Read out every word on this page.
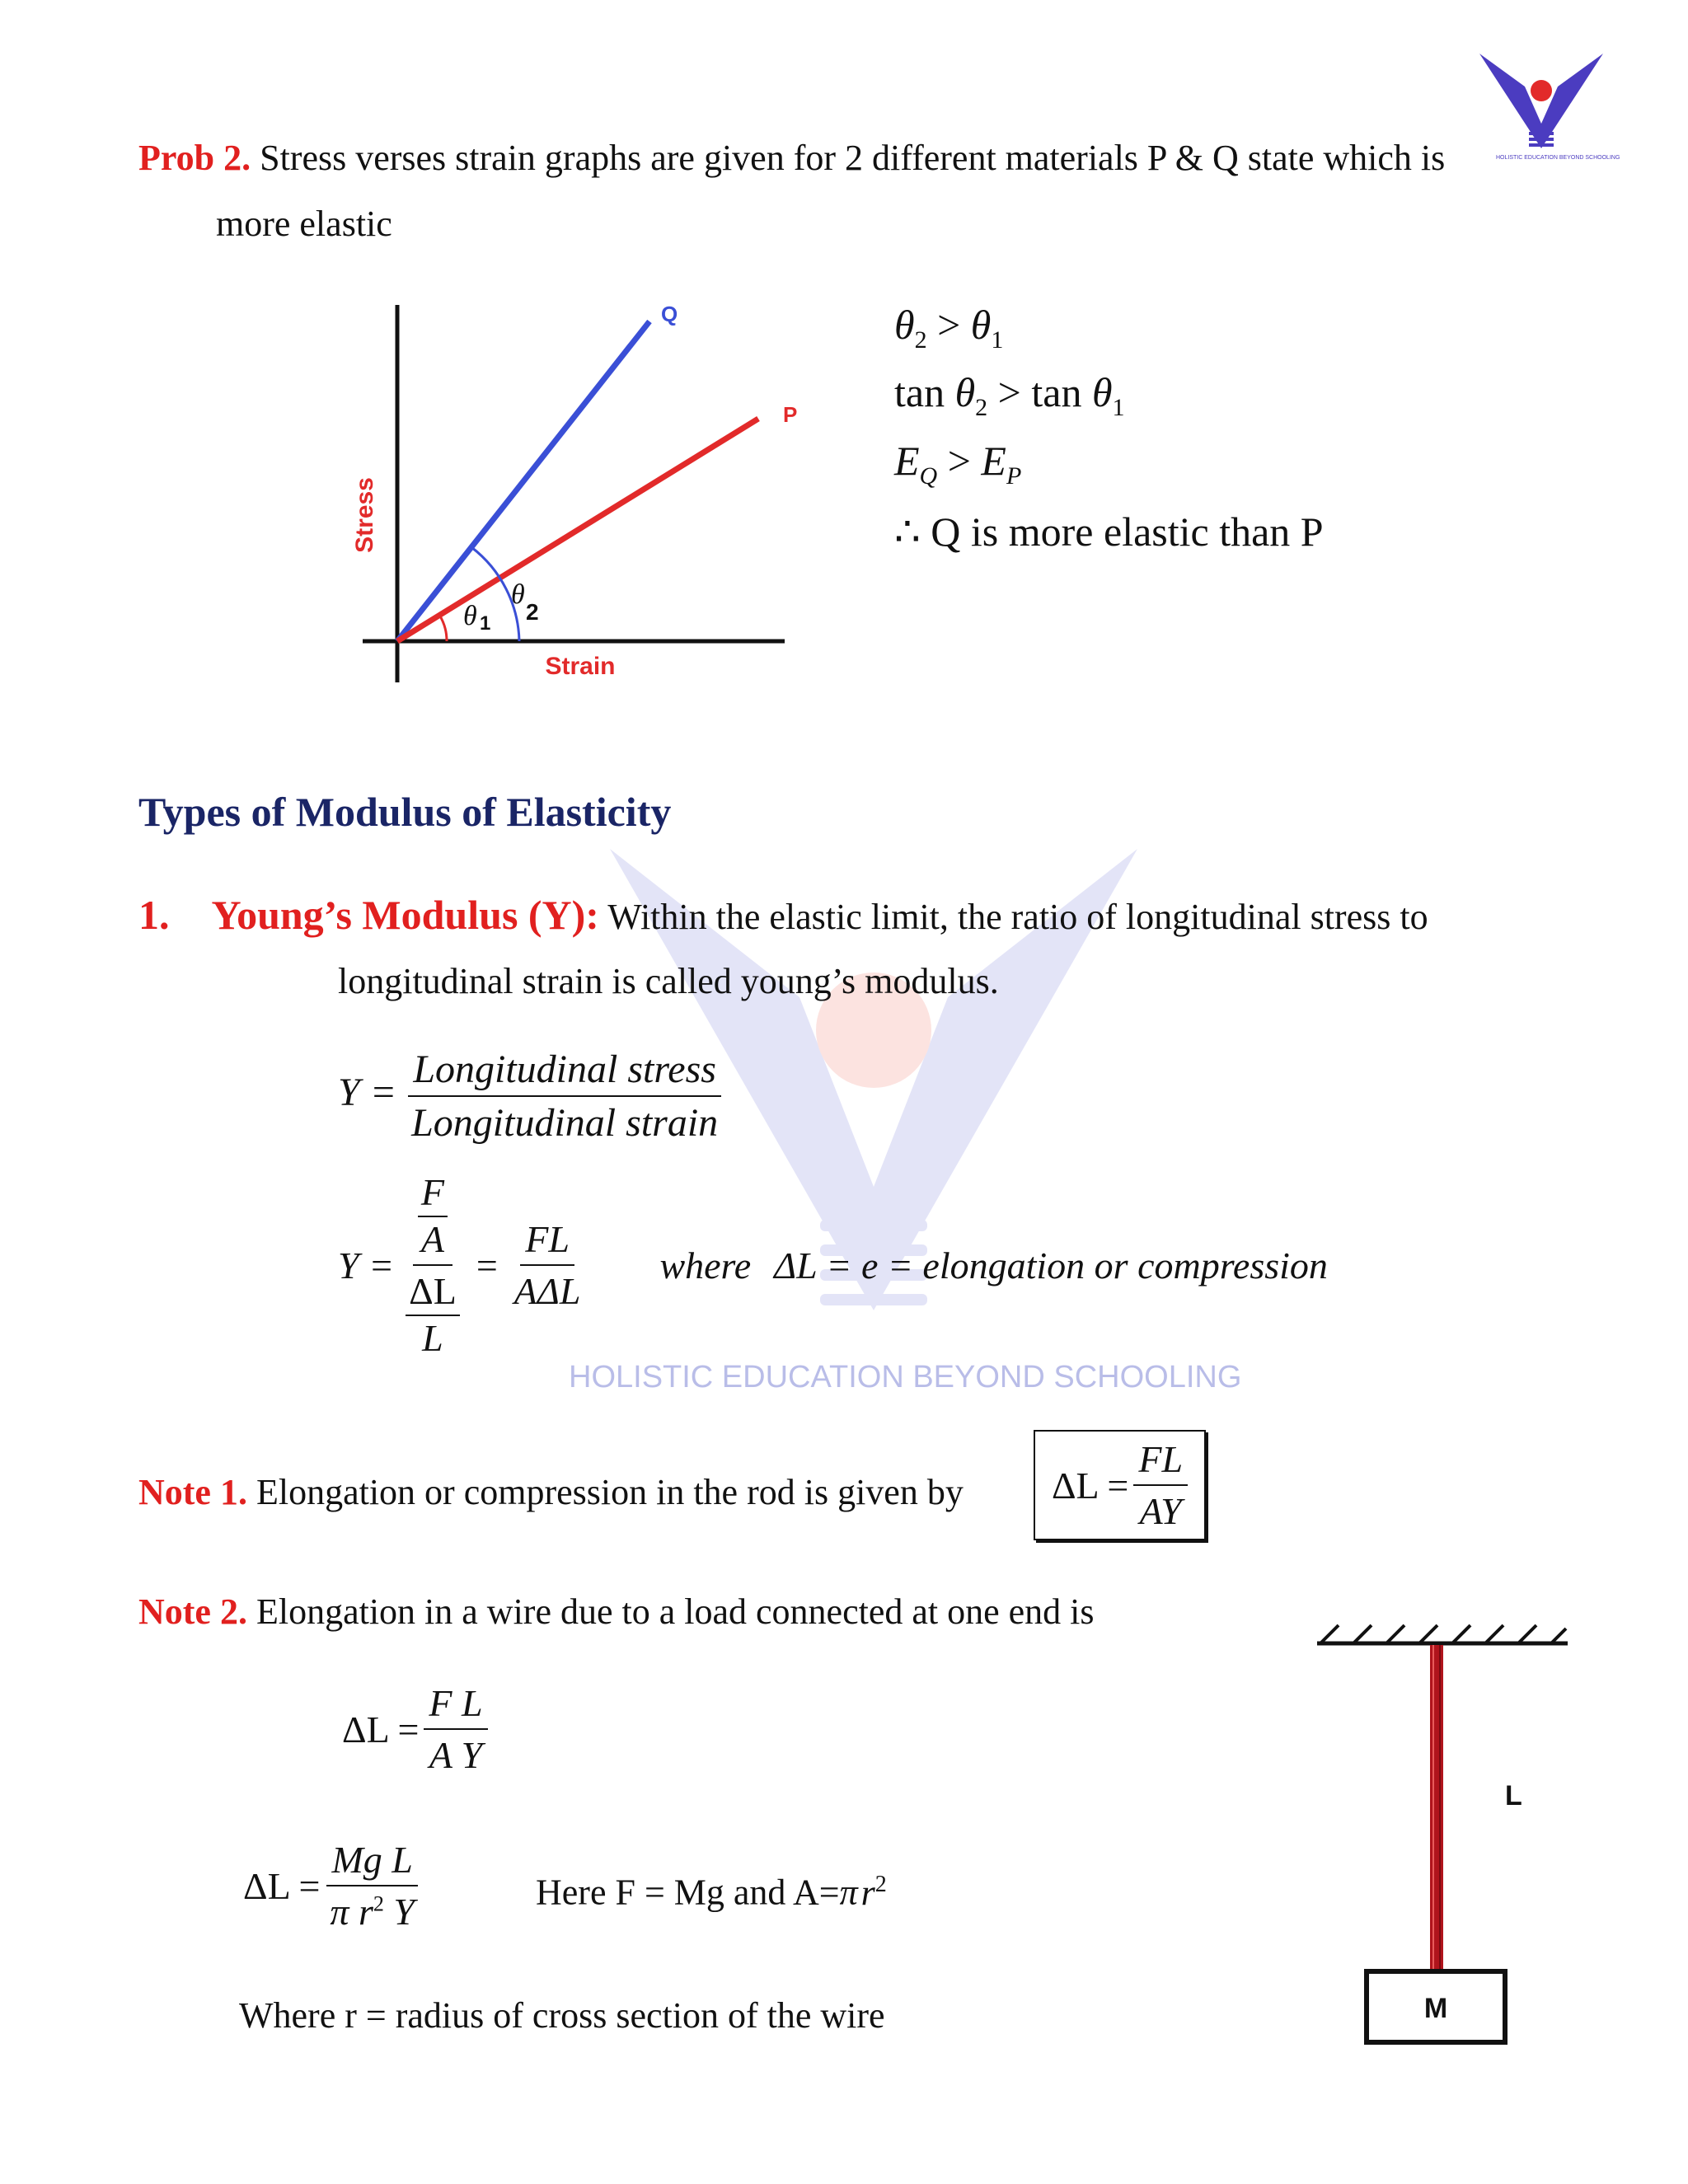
HOLISTIC EDUCATION BEYOND SCHOOLING
HOLISTIC EDUCATION BEYOND SCHOOLING
Prob 2. Stress verses strain graphs are given for 2 different materials P & Q state which is
more elastic
Stress
Strain
Q
P
θ 1
θ
2
$\theta_2 > \theta_1$
$\tan \theta_2 > \tan \theta_1$
$E_Q > E_P$
∴ Q is more elastic than P
Types of Modulus of Elasticity
1. Young’s Modulus (Y): Within the elastic limit, the ratio of longitudinal stress to
longitudinal strain is called young’s modulus.
$Y = \frac{\text{Longitudinal stress}}{\text{Longitudinal strain}}$
Y = F
A
ΔL
$L = \frac{FL}{\text{AΔL}}$ where ΔL = e = elongation or compression
Note 1. Elongation or compression in the rod is given by $\Delta L = \frac{FL}{AY}$
Note 2. Elongation in a wire due to a load connected at one end is
$\Delta L = \frac{\text{F L}}{\text{A Y}}$
$\Delta L = \frac{\text{Mg L}}{\pi r^2 Y}$	Here F = Mg and $A=\pi r^2$
Where r = radius of cross section of the wire
L
M
